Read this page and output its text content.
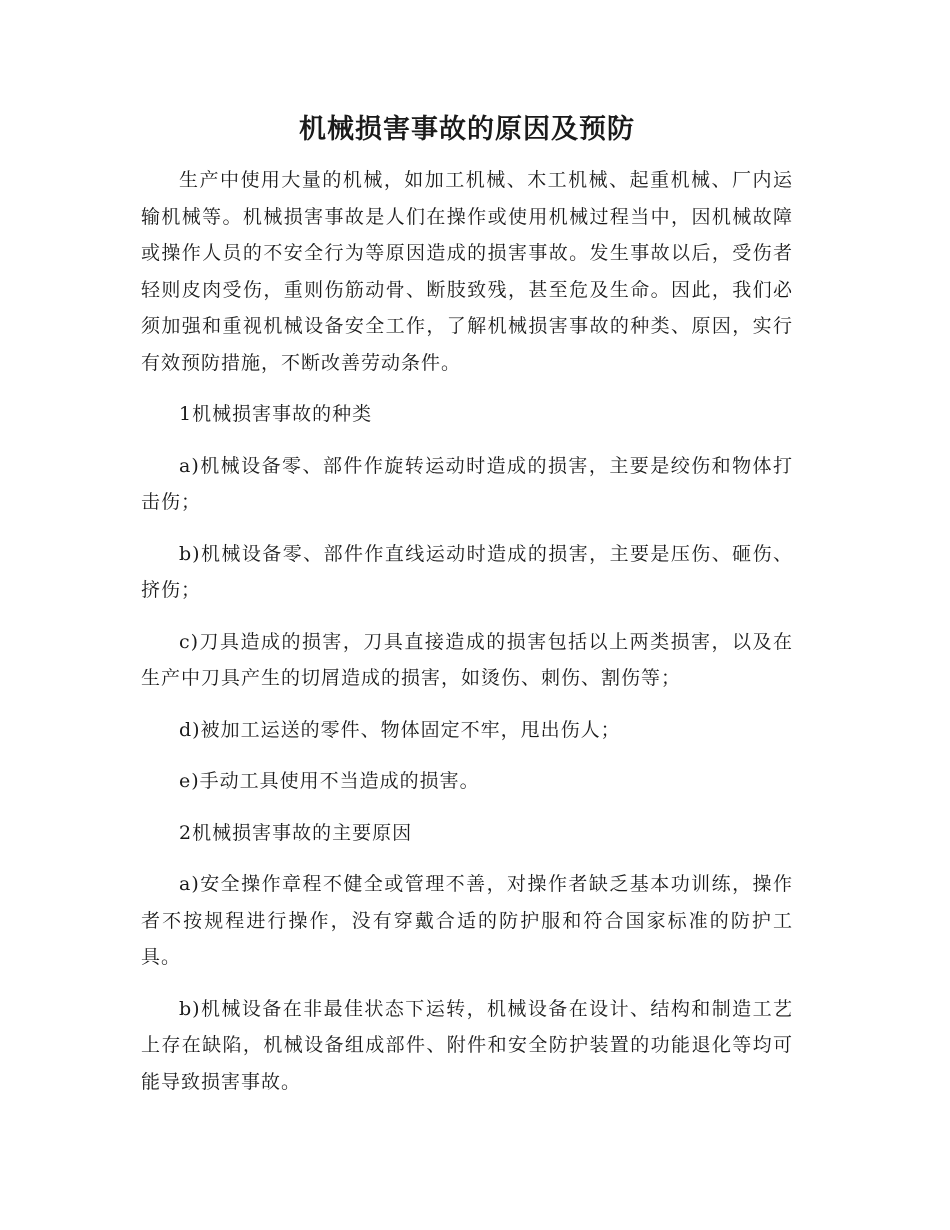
机械损害事故的原因及预防

生产中使用大量的机械，如加工机械、木工机械、起重机械、厂内运输机械等。机械损害事故是人们在操作或使用机械过程当中，因机械故障或操作人员的不安全行为等原因造成的损害事故。发生事故以后，受伤者轻则皮肉受伤，重则伤筋动骨、断肢致残，甚至危及生命。因此，我们必须加强和重视机械设备安全工作，了解机械损害事故的种类、原因，实行有效预防措施，不断改善劳动条件。

1机械损害事故的种类

a)机械设备零、部件作旋转运动时造成的损害，主要是绞伤和物体打击伤；

b)机械设备零、部件作直线运动时造成的损害，主要是压伤、砸伤、挤伤；

c)刀具造成的损害，刀具直接造成的损害包括以上两类损害，以及在生产中刀具产生的切屑造成的损害，如烫伤、刺伤、割伤等；

d)被加工运送的零件、物体固定不牢，甩出伤人；

e)手动工具使用不当造成的损害。

2机械损害事故的主要原因

a)安全操作章程不健全或管理不善，对操作者缺乏基本功训练，操作者不按规程进行操作，没有穿戴合适的防护服和符合国家标准的防护工具。

b)机械设备在非最佳状态下运转，机械设备在设计、结构和制造工艺上存在缺陷，机械设备组成部件、附件和安全防护装置的功能退化等均可能导致损害事故。
